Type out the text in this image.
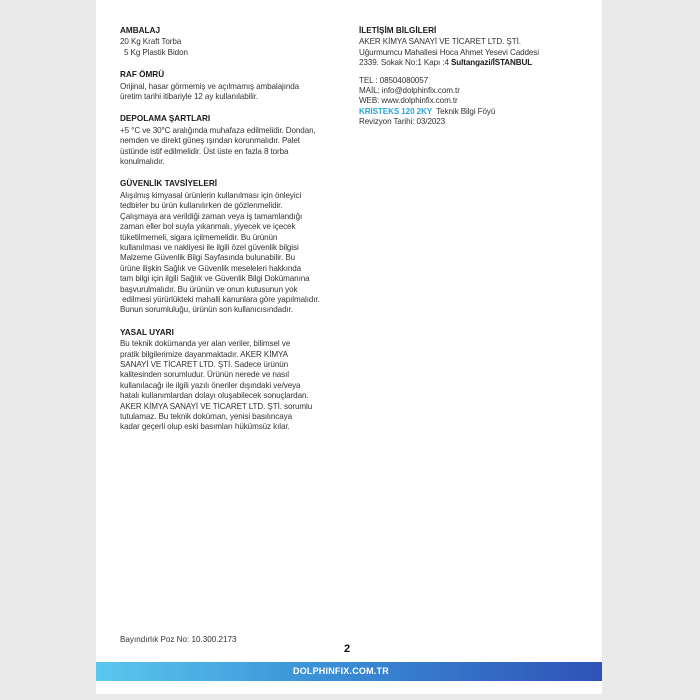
AMBALAJ
20 Kg Kraft Torba
5 Kg Plastik Bidon
RAF ÖMRÜ
Orijinal, hasar görmemiş ve açılmamış ambalajında
üretim tarihi itibariyle 12 ay kullanılabilir.
DEPOLAMA ŞARTLARI
+5 °C ve 30°C aralığında muhafaza edilmelidir. Dondan,
nemden ve direkt güneş ışından korunmalıdır. Palet
üstünde istif edilmelidir. Üst üste en fazla 8 torba
konulmalıdır.
GÜVENLİK TAVSİYELERİ
Alışılmış kimyasal ürünlerin kullanılması için önleyici
tedbirler bu ürün kullanılırken de gözlenmelidir.
Çalışmaya ara verildiği zaman veya iş tamamlandığı
zaman eller bol suyla yıkanmalı, yiyecek ve içecek
tüketilmemeli, sigara içilmemelidir. Bu ürünün
kullanılması ve nakliyesi ile ilgili özel güvenlik bilgisi
Malzeme Güvenlik Bilgi Sayfasında bulunabilir. Bu
ürüne ilişkin Sağlık ve Güvenlik meseleleri hakkında
tam bilgi için ilgili Sağlık ve Güvenlik Bilgi Dokümanına
başvurulmalıdır. Bu ürünün ve onun kutusunun yok
edilmesi yürürlükteki mahalli kanunlara göre yapılmalıdır.
Bunun sorumluluğu, ürünün son kullanıcısındadır.
YASAL UYARI
Bu teknik dokümanda yer alan veriler, bilimsel ve
pratik bilgilerimize dayanmaktadır. AKER KİMYA
SANAYİ VE TİCARET LTD. ŞTİ. Sadece ürünün
kalitesinden sorumludur. Ürünün nerede ve nasıl
kullanılacağı ile ilgili yazılı öneriler dışındaki ve/veya
hatalı kullanımlardan dolayı oluşabilecek sonuçlardan.
AKER KİMYA SANAYİ VE TİCARET LTD. ŞTİ. sorumlu
tutulamaz. Bu teknik doküman, yenisi basılıncaya
kadar geçerli olup eski basımları hükümsüz kılar.
İLETİŞİM BİLGİLERİ
AKER KİMYA SANAYİ VE TİCARET LTD. ŞTİ.
Uğurmumcu Mahallesi Hoca Ahmet Yesevi Caddesi
2339. Sokak No:1 Kapı :4 Sultangazi/İSTANBUL
TEL : 08504080057
MAİL: info@dolphinfix.com.tr
WEB: www.dolphinfix.com.tr
KRISTEKS 120 2KY  Teknik Bilgi Föyü
Revizyon Tarihi: 03/2023
Bayındırlık Poz No: 10.300.2173
2
DOLPHINFIX.COM.TR
